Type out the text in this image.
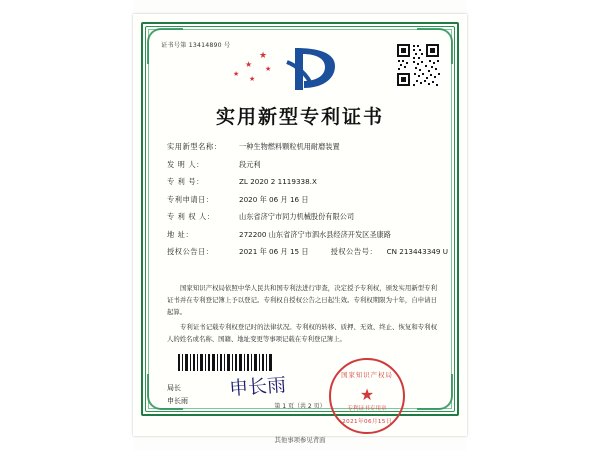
证书号第 13414890 号
★
★
★
★
★
实用新型专利证书
实用新型名称：	一种生物燃料颗粒机用耐磨装置
发 明 人：	段元利
专 利 号：	ZL 2020 2 1119338.X
专利申请日：	2020 年 06 月 16 日
专 利 权 人：	山东省济宁市同力机械股份有限公司
地 址：	272200 山东省济宁市泗水县经济开发区圣康路
授权公告日：	2021 年 06 月 15 日	授权公告号：	CN 213443349 U

国家知识产权局依照中华人民共和国专利法进行审查，决定授予专利权，颁发实用新型专利证书并在专利登记簿上予以登记。专利权自授权公告之日起生效。专利权期限为十年，自申请日起算。

专利证书记载专利权登记时的法律状况。专利权的转移、质押、无效、终止、恢复和专利权人的姓名或名称、国籍、地址变更等事项记载在专利登记簿上。

局长
申长雨
申长雨	国家知识产权局
★
专利证书专用章
2021年06月15日
第 1 页（共 2 页）
其他事项参见背面
